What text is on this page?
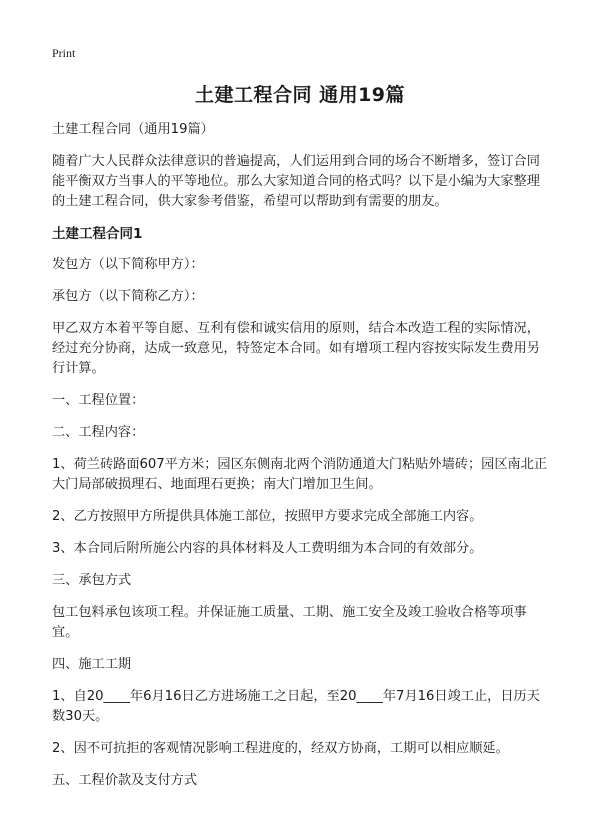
Print
土建工程合同 通用19篇

土建工程合同（通用19篇）

随着广大人民群众法律意识的普遍提高，人们运用到合同的场合不断增多，签订合同能平衡双方当事人的平等地位。那么大家知道合同的格式吗？以下是小编为大家整理的土建工程合同，供大家参考借鉴，希望可以帮助到有需要的朋友。

土建工程合同1

发包方（以下简称甲方）：

承包方（以下简称乙方）：

甲乙双方本着平等自愿、互利有偿和诚实信用的原则，结合本改造工程的实际情况，经过充分协商，达成一致意见，特签定本合同。如有增项工程内容按实际发生费用另行计算。

一、工程位置：

二、工程内容：

1、荷兰砖路面607平方米；园区东侧南北两个消防通道大门粘贴外墙砖；园区南北正大门局部破损理石、地面理石更换；南大门增加卫生间。

2、乙方按照甲方所提供具体施工部位，按照甲方要求完成全部施工内容。

3、本合同后附所施公内容的具体材料及人工费明细为本合同的有效部分。

三、承包方式

包工包料承包该项工程。并保证施工质量、工期、施工安全及竣工验收合格等项事宜。

四、施工工期

1、自20____年6月16日乙方进场施工之日起，至20____年7月16日竣工止，日历天数30天。

2、因不可抗拒的客观情况影响工程进度的，经双方协商，工期可以相应顺延。

五、工程价款及支付方式
